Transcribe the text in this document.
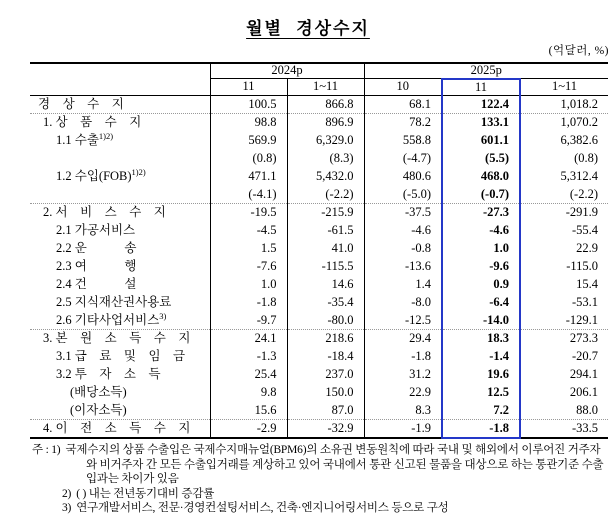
월별 경상수지
(억달러, %)
	2024p		2025p		
	11	1~11	10	11	1~11
경　상　수　지	100.5	866.8	68.1	122.4	1,018.2
1. 상　품　수　지	98.8	896.9	78.2	133.1	1,070.2
1.1 수출$^{1)2)}$	569.9	6,329.0	558.8	601.1	6,382.6
	(0.8)	(8.3)	(-4.7)	(5.5)	(0.8)
1.2 수입(FOB)$^{1)2)}$	471.1	5,432.0	480.6	468.0	5,312.4
	(-4.1)	(-2.2)	(-5.0)	(-0.7)	(-2.2)
2. 서　비　스　수　지	-19.5	-215.9	-37.5	-27.3	-291.9
2.1 가공서비스	-4.5	-61.5	-4.6	-4.6	-55.4
2.2 운　　　송	1.5	41.0	-0.8	1.0	22.9
2.3 여　　　행	-7.6	-115.5	-13.6	-9.6	-115.0
2.4 건　　　설	1.0	14.6	1.4	0.9	15.4
2.5 지식재산권사용료	-1.8	-35.4	-8.0	-6.4	-53.1
2.6 기타사업서비스$^{3)}$	-9.7	-80.0	-12.5	-14.0	-129.1
3. 본　원　소　득　수　지	24.1	218.6	29.4	18.3	273.3
3.1 급　료　및　임　금	-1.3	-18.4	-1.8	-1.4	-20.7
3.2 투　자　소　득	25.4	237.0	31.2	19.6	294.1
(배당소득)	9.8	150.0	22.9	12.5	206.1
(이자소득)	15.6	87.0	8.3	7.2	88.0
4. 이　전　소　득　수　지	-2.9	-32.9	-1.9	-1.8	-33.5

주 : 1) 국제수지의 상품 수출입은 국제수지매뉴얼(BPM6)의 소유권 변동원칙에 따라 국내 및 해외에서 이루어진 거주자와 비거주자 간 모든 수출입거래를 계상하고 있어 국내에서 통관 신고된 물품을 대상으로 하는 통관기준 수출입과는 차이가 있음

2) ( ) 내는 전년동기대비 증감률

3) 연구개발서비스, 전문·경영컨설팅서비스, 건축·엔지니어링서비스 등으로 구성
